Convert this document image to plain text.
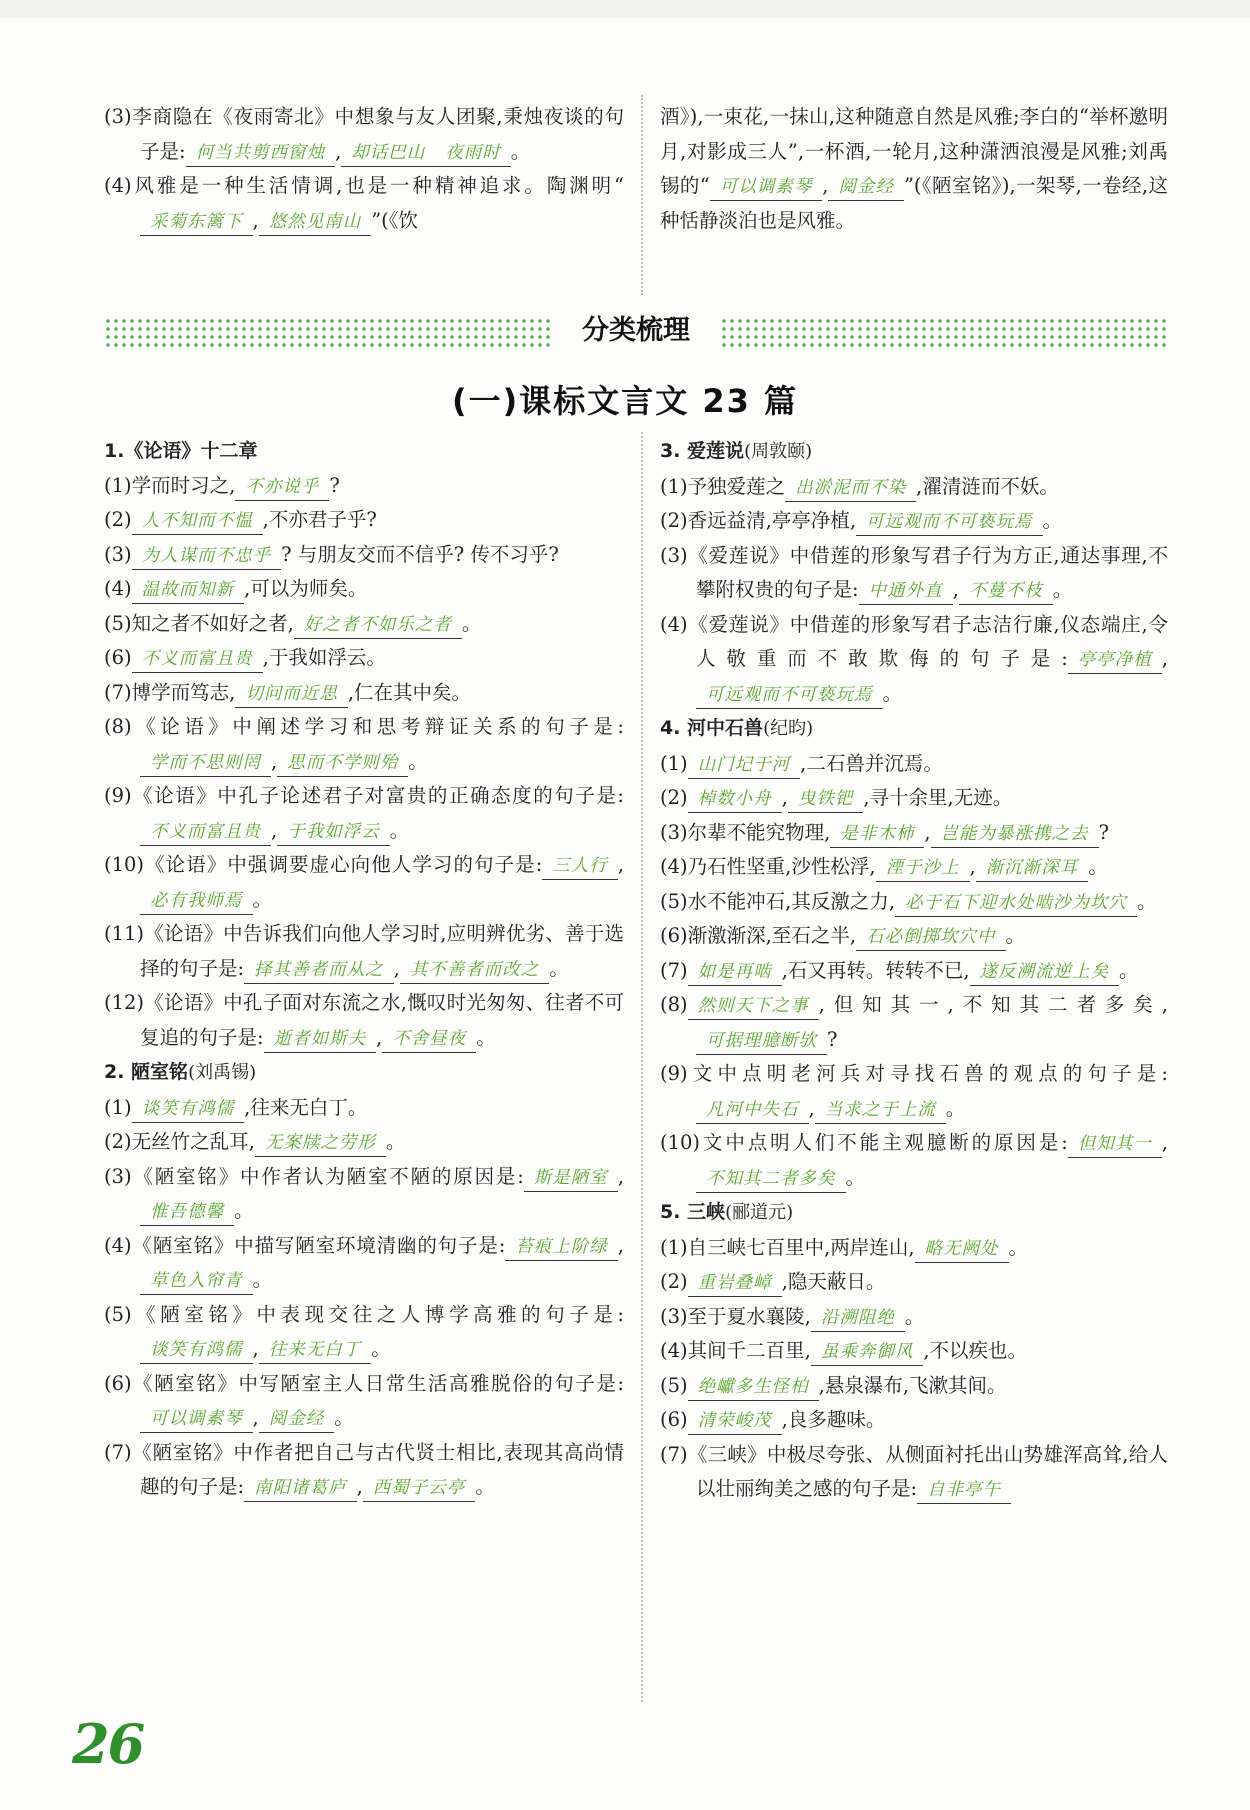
(3)李商隐在《夜雨寄北》中想象与友人团聚,秉烛夜谈的句子是: 何当共剪西窗烛 , 却话巴山 夜雨时 。

(4)风雅是一种生活情调,也是一种精神追求。陶渊明“采菊东篱下 , 悠然见南山 ”(《饮

酒》),一束花,一抹山,这种随意自然是风雅;李白的“举杯邀明月,对影成三人”,一杯酒,一轮月,这种潇洒浪漫是风雅;刘禹锡的“ 可以调素琴 , 阅金经 ”(《陋室铭》),一架琴,一卷经,这种恬静淡泊也是风雅。

分类梳理
(一)课标文言文 23 篇

1.《论语》十二章

(1)学而时习之, 不亦说乎 ?

(2) 人不知而不愠 ,不亦君子乎?

(3) 为人谋而不忠乎 ? 与朋友交而不信乎? 传不习乎?

(4) 温故而知新 ,可以为师矣。

(5)知之者不如好之者, 好之者不如乐之者 。

(6) 不义而富且贵 ,于我如浮云。

(7)博学而笃志, 切问而近思 ,仁在其中矣。

(8)《论语》中阐述学习和思考辩证关系的句子是:学而不思则罔 , 思而不学则殆 。

(9)《论语》中孔子论述君子对富贵的正确态度的句子是:不义而富且贵 , 于我如浮云 。

(10)《论语》中强调要虚心向他人学习的句子是: 三人行 ,必有我师焉 。

(11)《论语》中告诉我们向他人学习时,应明辨优劣、善于选择的句子是: 择其善者而从之 , 其不善者而改之 。

(12)《论语》中孔子面对东流之水,慨叹时光匆匆、往者不可复追的句子是: 逝者如斯夫 , 不舍昼夜 。

2. 陋室铭(刘禹锡)

(1) 谈笑有鸿儒 ,往来无白丁。

(2)无丝竹之乱耳, 无案牍之劳形 。

(3)《陋室铭》中作者认为陋室不陋的原因是: 斯是陋室 ,惟吾德馨 。

(4)《陋室铭》中描写陋室环境清幽的句子是: 苔痕上阶绿 ,草色入帘青 。

(5)《陋室铭》中表现交往之人博学高雅的句子是:谈笑有鸿儒 , 往来无白丁 。

(6)《陋室铭》中写陋室主人日常生活高雅脱俗的句子是:可以调素琴 , 阅金经 。

(7)《陋室铭》中作者把自己与古代贤士相比,表现其高尚情趣的句子是: 南阳诸葛庐 , 西蜀子云亭 。

3. 爱莲说(周敦颐)

(1)予独爱莲之 出淤泥而不染 ,濯清涟而不妖。

(2)香远益清,亭亭净植, 可远观而不可亵玩焉 。

(3)《爱莲说》中借莲的形象写君子行为方正,通达事理,不攀附权贵的句子是: 中通外直 , 不蔓不枝 。

(4)《爱莲说》中借莲的形象写君子志洁行廉,仪态端庄,令人敬重而不敢欺侮的句子是: 亭亭净植 ,可远观而不可亵玩焉 。

4. 河中石兽(纪昀)

(1) 山门圮于河 ,二石兽并沉焉。

(2) 棹数小舟 , 曳铁钯 ,寻十余里,无迹。

(3)尔辈不能究物理, 是非木柿 , 岂能为暴涨携之去 ?

(4)乃石性坚重,沙性松浮, 湮于沙上 , 渐沉渐深耳 。

(5)水不能冲石,其反激之力, 必于石下迎水处啮沙为坎穴 。

(6)渐激渐深,至石之半, 石必倒掷坎穴中 。

(7) 如是再啮 ,石又再转。转转不已, 遂反溯流逆上矣 。

(8) 然则天下之事 ,但知其一,不知其二者多矣,可据理臆断欤 ?

(9)文中点明老河兵对寻找石兽的观点的句子是:凡河中失石 , 当求之于上流 。

(10)文中点明人们不能主观臆断的原因是: 但知其一 ,不知其二者多矣 。

5. 三峡(郦道元)

(1)自三峡七百里中,两岸连山, 略无阙处 。

(2) 重岩叠嶂 ,隐天蔽日。

(3)至于夏水襄陵, 沿溯阻绝 。

(4)其间千二百里, 虽乘奔御风 ,不以疾也。

(5) 绝巘多生怪柏 ,悬泉瀑布,飞漱其间。

(6) 清荣峻茂 ,良多趣味。

(7)《三峡》中极尽夸张、从侧面衬托出山势雄浑高耸,给人以壮丽绚美之感的句子是: 自非亭午

26
